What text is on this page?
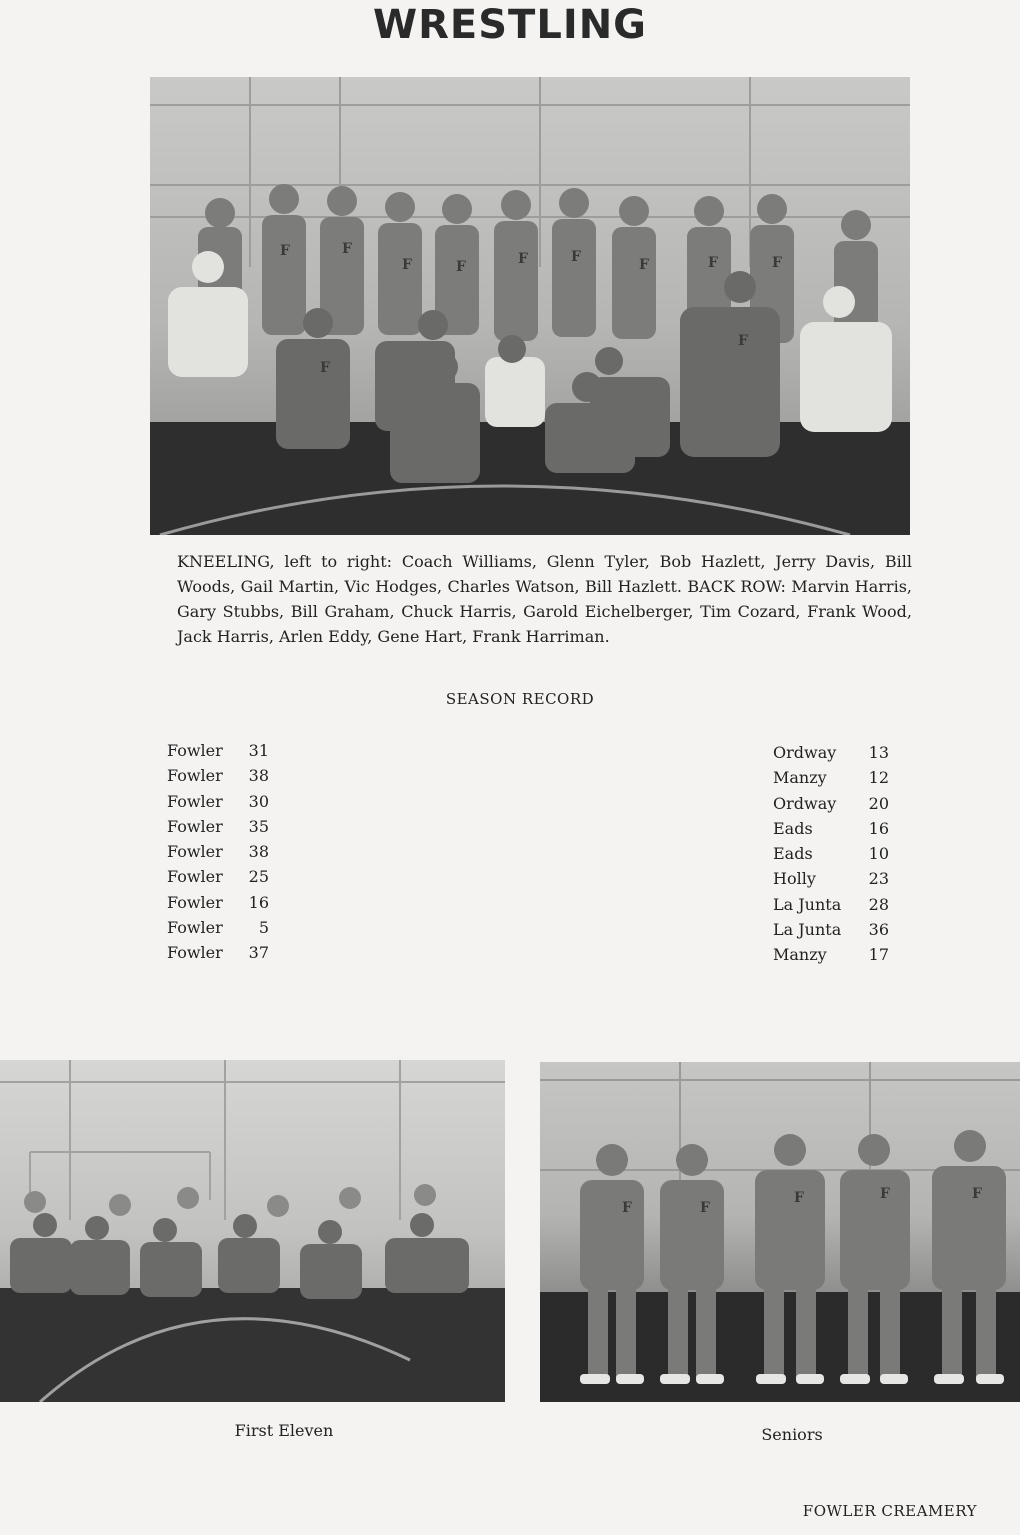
WRESTLING
F	F
F	F	F	F	F	F	F
F
F
KNEELING, left to right: Coach Williams, Glenn Tyler, Bob Hazlett, Jerry Davis, Bill Woods, Gail Martin, Vic Hodges, Charles Watson, Bill Hazlett. BACK ROW: Marvin Harris, Gary Stubbs, Bill Graham, Chuck Harris, Garold Eichelberger, Tim Cozard, Frank Wood, Jack Harris, Arlen Eddy, Gene Hart, Frank Harriman.
SEASON RECORD
Fowler 31
Fowler 38
Fowler 30
Fowler 35
Fowler 38
Fowler 25
Fowler 16
Fowler 5
Fowler 37
Ordway 13
Manzy	12
Ordway 20
Eads	16
Eads	10
Holly	23
La Junta 28
La Junta 36
Manzy	17
F	F
F	F	F
First Eleven	Seniors
FOWLER CREAMERY
